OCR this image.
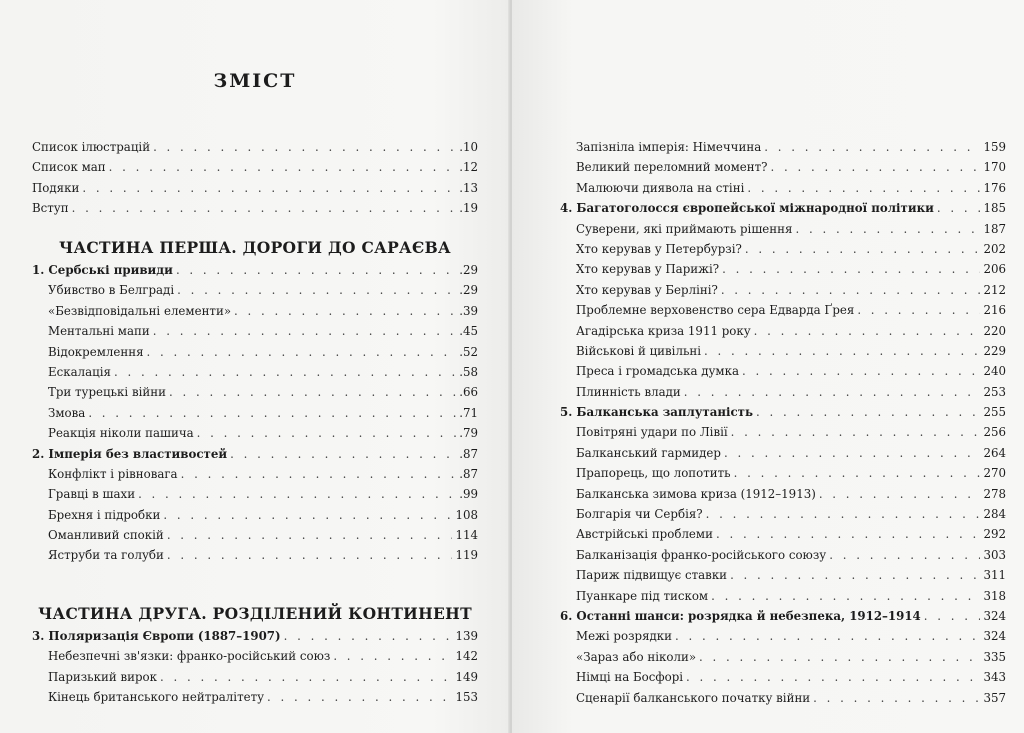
ЗМІСТ
Список ілюстрацій . . .	.10
Список мап . . .	.12
Подяки . . .	.13
Вступ . . .	.19
ЧАСТИНА ПЕРША. ДОРОГИ ДО САРАЄВА
1. Сербські привиди . . .	.29
Убивство в Белграді . . .	.29
«Безвідповідальні елементи» . . .	.39
Ментальні мапи . . .	.45
Відокремлення . . .	.52
Ескалація . . .	.58
Три турецькі війни . . .	.66
Змова . . .	.71
Реакція ніколи пашича . . .	.79
2. Імперія без властивостей . . .	.87
Конфлікт і рівновага . . .	.87
Гравці в шахи . . .	.99
Брехня і підробки . . .	108
Оманливий спокій . . .	114
Яструби та голуби . . .	119
ЧАСТИНА ДРУГА. РОЗДІЛЕНИЙ КОНТИНЕНТ
3. Поляризація Європи (1887–1907) . . .	139
Небезпечні зв'язки: франко-російський союз . . .	142
Паризький вирок . . .	149
Кінець британського нейтралітету . . .	153
Запізніла імперія: Німеччина . . .	159
Великий переломний момент? . . .	170
Малюючи диявола на стіні . . .	176
4. Багатоголосся європейської міжнародної політики . . .	185
Суверени, які приймають рішення . . .	187
Хто керував у Петербурзі? . . .	202
Хто керував у Парижі? . . .	206
Хто керував у Берліні? . . .	212
Проблемне верховенство сера Едварда Ґрея . . .	216
Агадірська криза 1911 року . . .	220
Військові й цивільні . . .	229
Преса і громадська думка . . .	240
Плинність влади . . .	253
5. Балканська заплутаність . . .	255
Повітряні удари по Лівії . . .	256
Балканський гармидер . . .	264
Прапорець, що лопотить . . .	270
Балканська зимова криза (1912–1913) . . .	278
Болгарія чи Сербія? . . .	284
Австрійські проблеми . . .	292
Балканізація франко-російського союзу . . .	303
Париж підвищує ставки . . .	311
Пуанкаре під тиском . . .	318
6. Останні шанси: розрядка й небезпека, 1912–1914 . . .	324
Межі розрядки . . .	324
«Зараз або ніколи» . . .	335
Німці на Босфорі . . .	343
Сценарії балканського початку війни . . .	357
